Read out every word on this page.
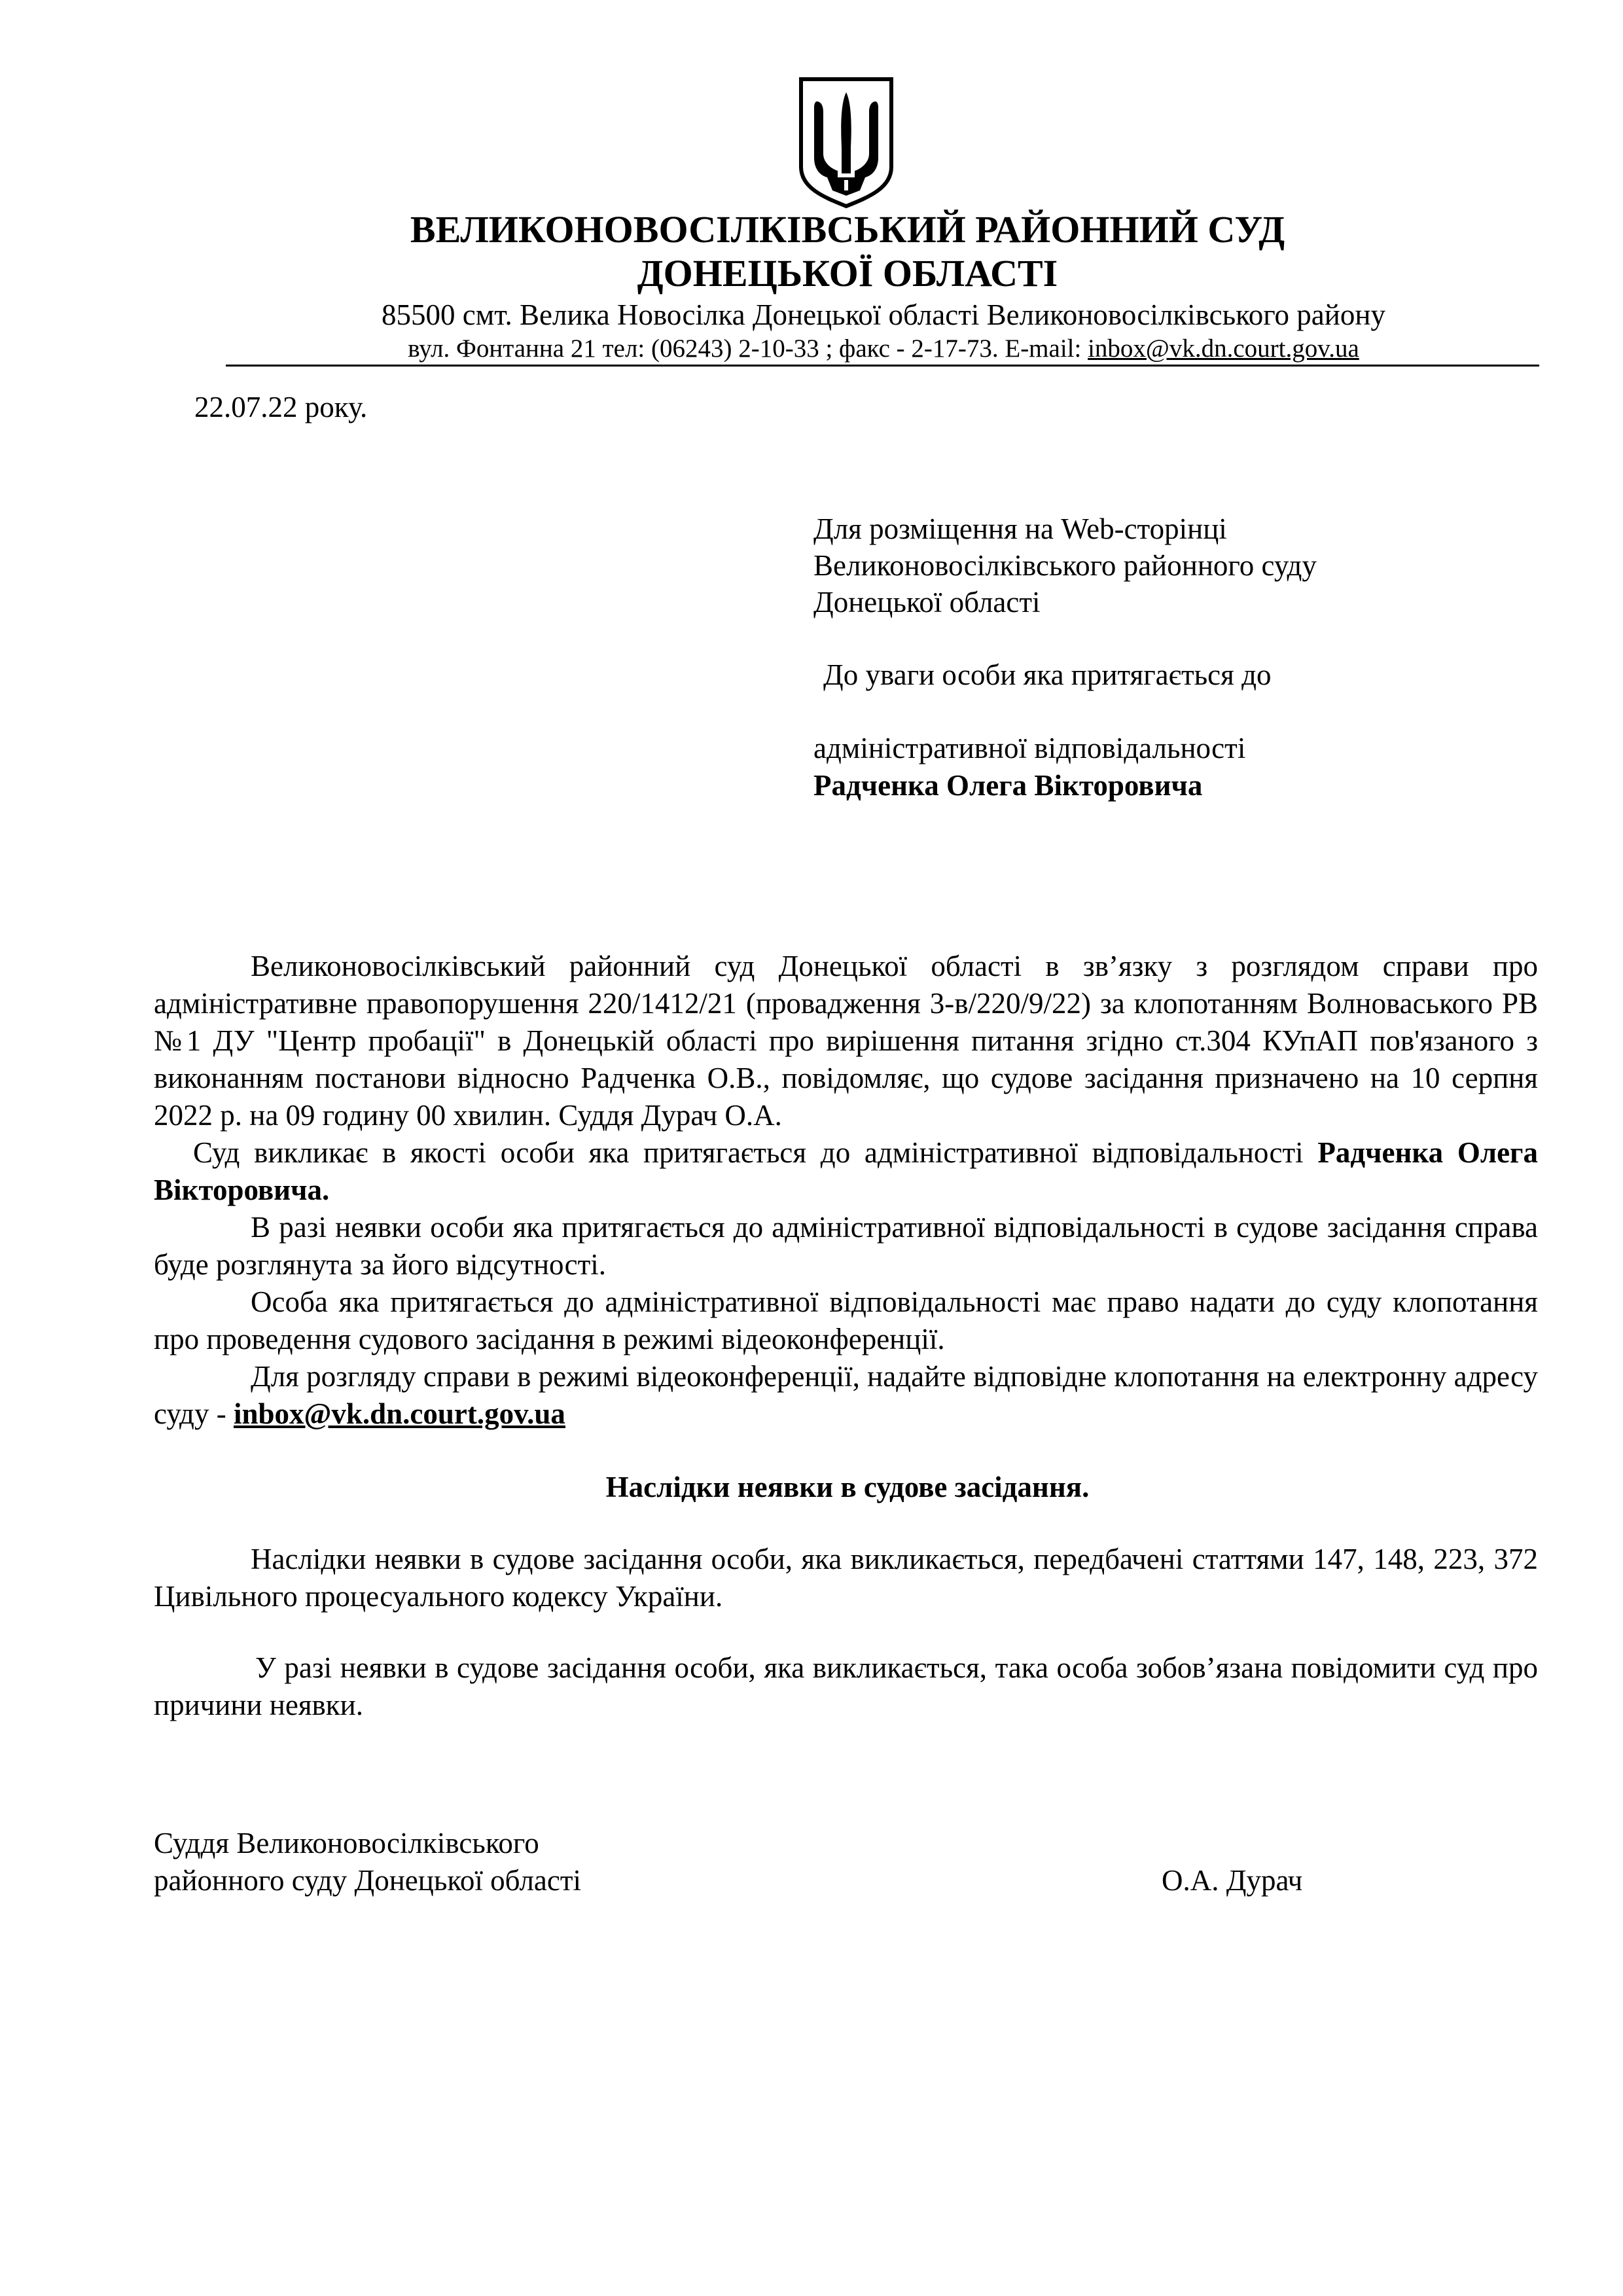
ВЕЛИКОНОВОСІЛКІВСЬКИЙ РАЙОННИЙ СУД
ДОНЕЦЬКОЇ ОБЛАСТІ
85500 смт. Велика Новосілка Донецької області Великоновосілківського району
вул. Фонтанна 21 тел: (06243) 2-10-33 ; факс - 2-17-73. E-mail: inbox@vk.dn.court.gov.ua
22.07.22 року.
Для розміщення на Web-сторінці
Великоновосілківського районного суду
Донецької області
До уваги особи яка притягається до
адміністративної відповідальності
Радченка Олега Вікторовича

Великоновосілківський районний суд Донецької області в зв’язку з розглядом справи про адміністративне правопорушення 220/1412/21 (провадження 3-в/220/9/22) за клопотанням Волноваського РВ №1 ДУ "Центр пробації" в Донецькій області про вирішення питання згідно ст.304 КУпАП пов'язаного з виконанням постанови відносно Радченка О.В., повідомляє, що судове засідання призначено на 10 серпня 2022 р. на 09 годину 00 хвилин. Суддя Дурач О.А.

Суд викликає в якості особи яка притягається до адміністративної відповідальності Радченка Олега Вікторовича.

В разі неявки особи яка притягається до адміністративної відповідальності в судове засідання справа буде розглянута за його відсутності.

Особа яка притягається до адміністративної відповідальності має право надати до суду клопотання про проведення судового засідання в режимі відеоконференції.

Для розгляду справи в режимі відеоконференції, надайте відповідне клопотання на електронну адресу суду - inbox@vk.dn.court.gov.ua

Наслідки неявки в судове засідання.

Наслідки неявки в судове засідання особи, яка викликається, передбачені статтями 147, 148, 223, 372 Цивільного процесуального кодексу України.

У разі неявки в судове засідання особи, яка викликається, така особа зобов’язана повідомити суд про причини неявки.

Суддя Великоновосілківського
районного суду Донецької області	О.А. Дурач
